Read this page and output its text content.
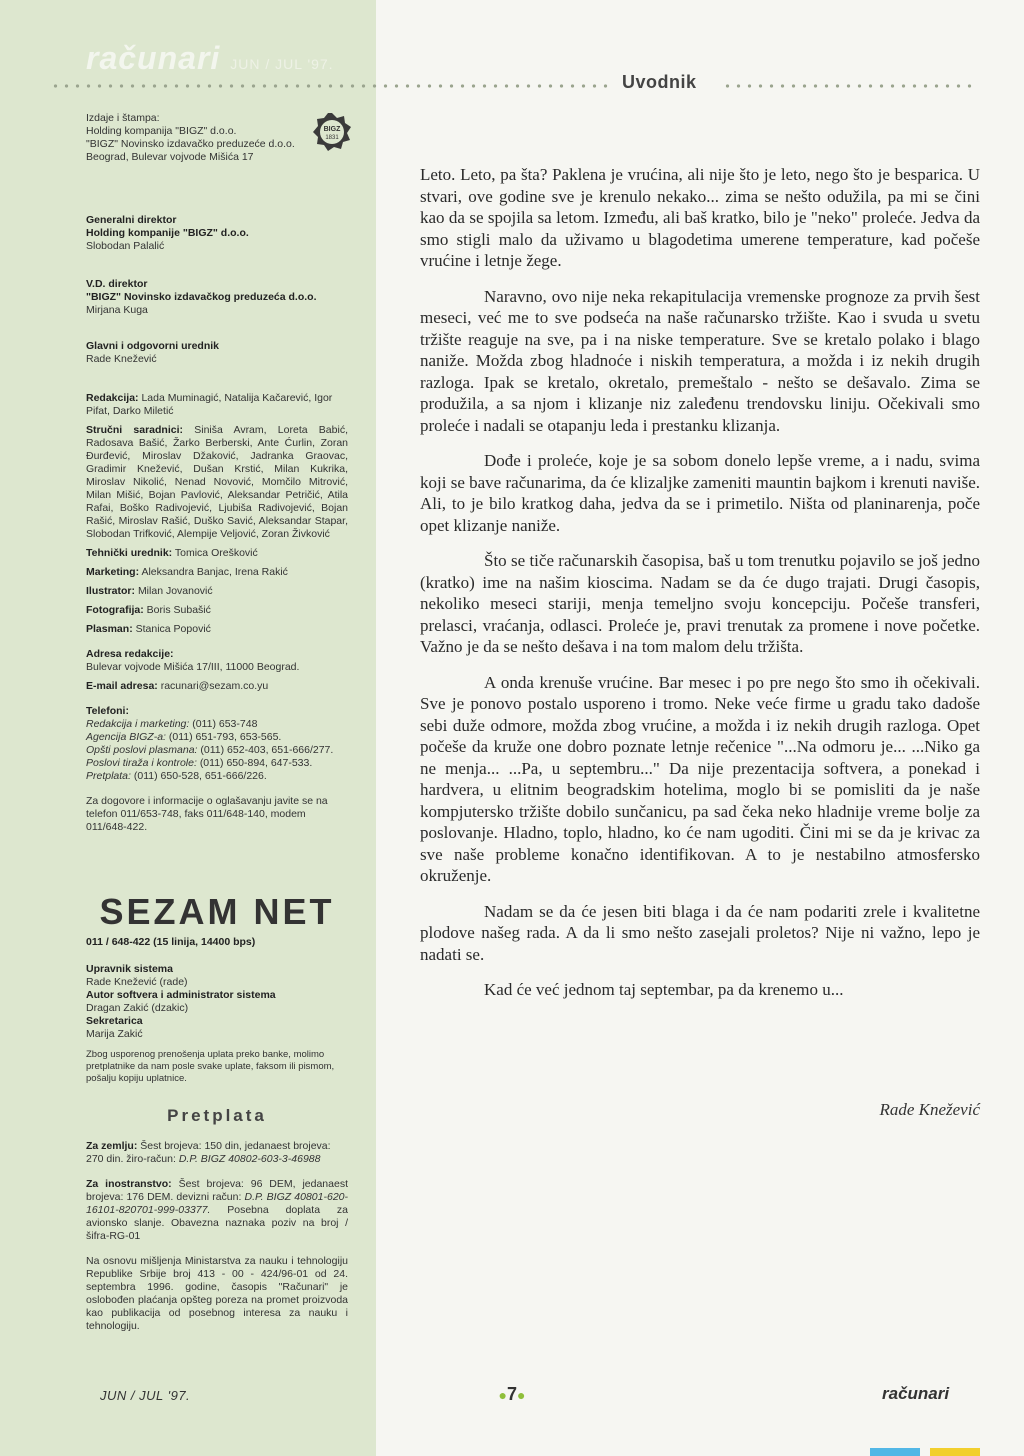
računari JUN / JUL '97.
Uvodnik
BIGZ
1831

Izdaje i štampa:

Holding kompanija "BIGZ" d.o.o.

"BIGZ" Novinsko izdavačko preduzeće d.o.o.

Beograd, Bulevar vojvode Mišića 17

Generalni direktor

Holding kompanije "BIGZ" d.o.o.

Slobodan Palalić

V.D. direktor

"BIGZ" Novinsko izdavačkog preduzeća d.o.o.

Mirjana Kuga

Glavni i odgovorni urednik

Rade Knežević

Redakcija: Lada Muminagić, Natalija Kačarević, Igor Pifat, Darko Miletić

Stručni saradnici: Siniša Avram, Loreta Babić, Radosava Bašić, Žarko Berberski, Ante Ćurlin, Zoran Đurđević, Miroslav Džaković, Jadranka Graovac, Gradimir Knežević, Dušan Krstić, Milan Kukrika, Miroslav Nikolić, Nenad Novović, Momčilo Mitrović, Milan Mišić, Bojan Pavlović, Aleksandar Petričić, Atila Rafai, Boško Radivojević, Ljubiša Radivojević, Bojan Rašić, Miroslav Rašić, Duško Savić, Aleksandar Stapar, Slobodan Trifković, Alempije Veljović, Zoran Živković

Tehnički urednik: Tomica Orešković

Marketing: Aleksandra Banjac, Irena Rakić

Ilustrator: Milan Jovanović

Fotografija: Boris Subašić

Plasman: Stanica Popović

Adresa redakcije:

Bulevar vojvode Mišića 17/III, 11000 Beograd.

E-mail adresa: racunari@sezam.co.yu

Telefoni:

Redakcija i marketing: (011) 653-748

Agencija BIGZ-a: (011) 651-793, 653-565.

Opšti poslovi plasmana: (011) 652-403, 651-666/277.

Poslovi tiraža i kontrole: (011) 650-894, 647-533.

Pretplata: (011) 650-528, 651-666/226.

Za dogovore i informacije o oglašavanju javite se na telefon 011/653-748, faks 011/648-140, modem 011/648-422.

SEZAM NET

011 / 648-422 (15 linija, 14400 bps)

Upravnik sistema

Rade Knežević (rade)

Autor softvera i administrator sistema

Dragan Zakić (dzakic)

Sekretarica

Marija Zakić

Zbog usporenog prenošenja uplata preko banke, molimo pretplatnike da nam posle svake uplate, faksom ili pismom, pošalju kopiju uplatnice.

Pretplata

Za zemlju: Šest brojeva: 150 din, jedanaest brojeva: 270 din. žiro-račun: D.P. BIGZ 40802-603-3-46988

Za inostranstvo: Šest brojeva: 96 DEM, jedanaest brojeva: 176 DEM. devizni račun: D.P. BIGZ 40801-620-16101-820701-999-03377. Posebna doplata za avionsko slanje. Obavezna naznaka poziv na broj / šifra-RG-01

Na osnovu mišljenja Ministarstva za nauku i tehnologiju Republike Srbije broj 413 - 00 - 424/96-01 od 24. septembra 1996. godine, časopis "Računari" je oslobođen plaćanja opšteg poreza na promet proizvoda kao publikacija od posebnog interesa za nauku i tehnologiju.

Leto. Leto, pa šta? Paklena je vrućina, ali nije što je leto, nego što je besparica. U stvari, ove godine sve je krenulo nekako... zima se nešto odužila, pa mi se čini kao da se spojila sa letom. Između, ali baš kratko, bilo je "neko" proleće. Jedva da smo stigli malo da uživamo u blagodetima umerene temperature, kad počeše vrućine i letnje žege.

Naravno, ovo nije neka rekapitulacija vremenske prognoze za prvih šest meseci, već me to sve podseća na naše računarsko tržište. Kao i svuda u svetu tržište reaguje na sve, pa i na niske temperature. Sve se kretalo polako i blago naniže. Možda zbog hladnoće i niskih temperatura, a možda i iz nekih drugih razloga. Ipak se kretalo, okretalo, premeštalo - nešto se dešavalo. Zima se produžila, a sa njom i klizanje niz zaleđenu trendovsku liniju. Očekivali smo proleće i nadali se otapanju leda i prestanku klizanja.

Dođe i proleće, koje je sa sobom donelo lepše vreme, a i nadu, svima koji se bave računarima, da će klizaljke zameniti mauntin bajkom i krenuti naviše. Ali, to je bilo kratkog daha, jedva da se i primetilo. Ništa od planinarenja, poče opet klizanje naniže.

Što se tiče računarskih časopisa, baš u tom trenutku pojavilo se još jedno (kratko) ime na našim kioscima. Nadam se da će dugo trajati. Drugi časopis, nekoliko meseci stariji, menja temeljno svoju koncepciju. Počeše transferi, prelasci, vraćanja, odlasci. Proleće je, pravi trenutak za promene i nove početke. Važno je da se nešto dešava i na tom malom delu tržišta.

A onda krenuše vrućine. Bar mesec i po pre nego što smo ih očekivali. Sve je ponovo postalo usporeno i tromo. Neke veće firme u gradu tako dadoše sebi duže odmore, možda zbog vrućine, a možda i iz nekih drugih razloga. Opet počeše da kruže one dobro poznate letnje rečenice "...Na odmoru je... ...Niko ga ne menja... ...Pa, u septembru..." Da nije prezentacija softvera, a ponekad i hardvera, u elitnim beogradskim hotelima, moglo bi se pomisliti da je naše kompjutersko tržište dobilo sunčanicu, pa sad čeka neko hladnije vreme bolje za poslovanje. Hladno, toplo, hladno, ko će nam ugoditi. Čini mi se da je krivac za sve naše probleme konačno identifikovan. A to je nestabilno atmosfersko okruženje.

Nadam se da će jesen biti blaga i da će nam podariti zrele i kvalitetne plodove našeg rada. A da li smo nešto zasejali proletos? Nije ni važno, lepo je nadati se.

Kad će već jednom taj septembar, pa da krenemo u...

Rade Knežević
JUN / JUL '97.	●7●	računari
